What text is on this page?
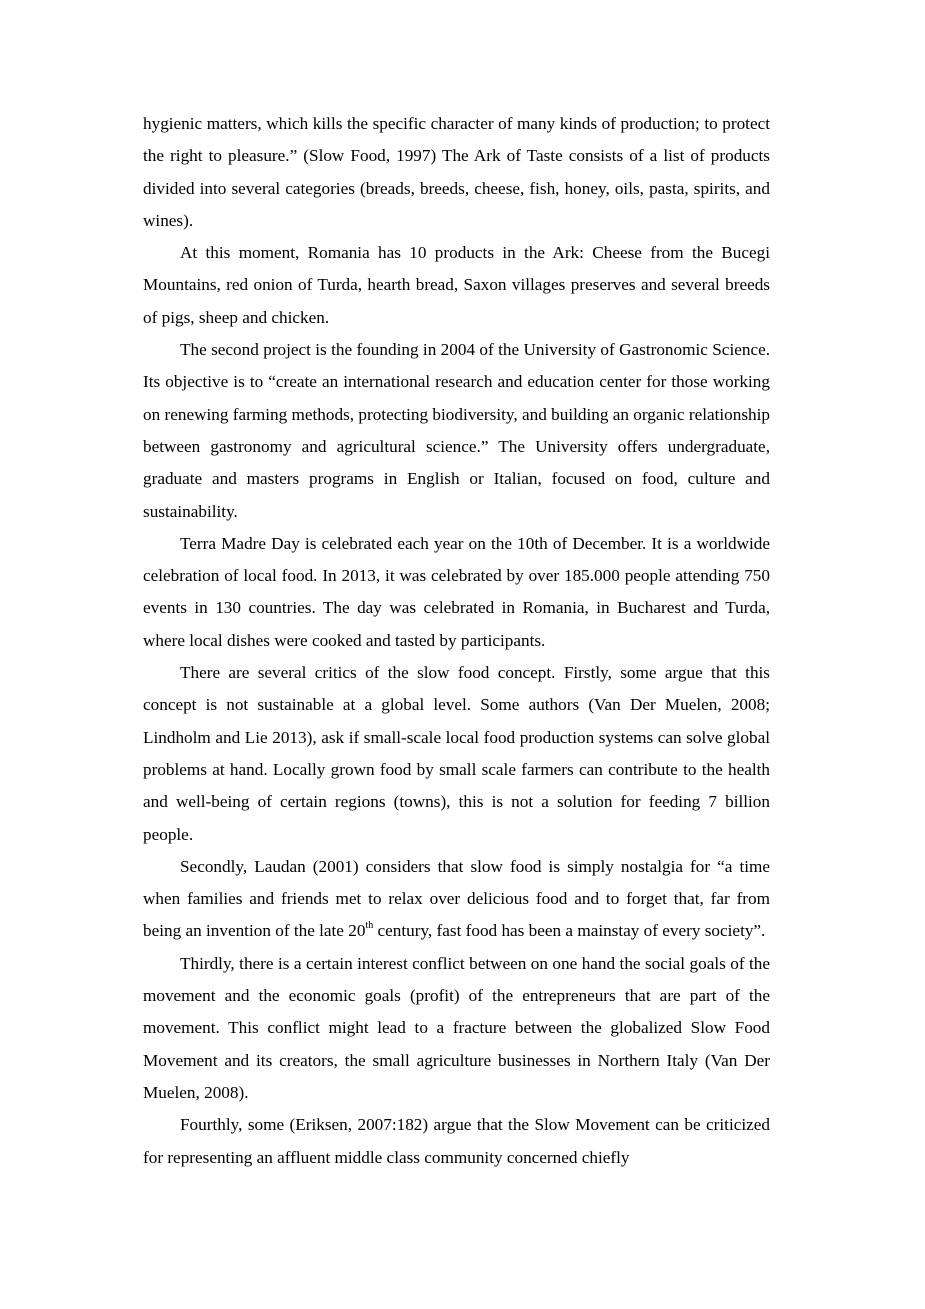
hygienic matters, which kills the specific character of many kinds of production; to protect the right to pleasure.” (Slow Food, 1997) The Ark of Taste consists of a list of products divided into several categories (breads, breeds, cheese, fish, honey, oils, pasta, spirits, and wines).

At this moment, Romania has 10 products in the Ark: Cheese from the Bucegi Mountains, red onion of Turda, hearth bread, Saxon villages preserves and several breeds of pigs, sheep and chicken.

The second project is the founding in 2004 of the University of Gastronomic Science. Its objective is to “create an international research and education center for those working on renewing farming methods, protecting biodiversity, and building an organic relationship between gastronomy and agricultural science.” The University offers undergraduate, graduate and masters programs in English or Italian, focused on food, culture and sustainability.

Terra Madre Day is celebrated each year on the 10th of December. It is a worldwide celebration of local food. In 2013, it was celebrated by over 185.000 people attending 750 events in 130 countries. The day was celebrated in Romania, in Bucharest and Turda, where local dishes were cooked and tasted by participants.

There are several critics of the slow food concept. Firstly, some argue that this concept is not sustainable at a global level. Some authors (Van Der Muelen, 2008; Lindholm and Lie 2013), ask if small-scale local food production systems can solve global problems at hand. Locally grown food by small scale farmers can contribute to the health and well-being of certain regions (towns), this is not a solution for feeding 7 billion people.

Secondly, Laudan (2001) considers that slow food is simply nostalgia for “a time when families and friends met to relax over delicious food and to forget that, far from being an invention of the late 20th century, fast food has been a mainstay of every society”.

Thirdly, there is a certain interest conflict between on one hand the social goals of the movement and the economic goals (profit) of the entrepreneurs that are part of the movement. This conflict might lead to a fracture between the globalized Slow Food Movement and its creators, the small agriculture businesses in Northern Italy (Van Der Muelen, 2008).

Fourthly, some (Eriksen, 2007:182) argue that the Slow Movement can be criticized for representing an affluent middle class community concerned chiefly
